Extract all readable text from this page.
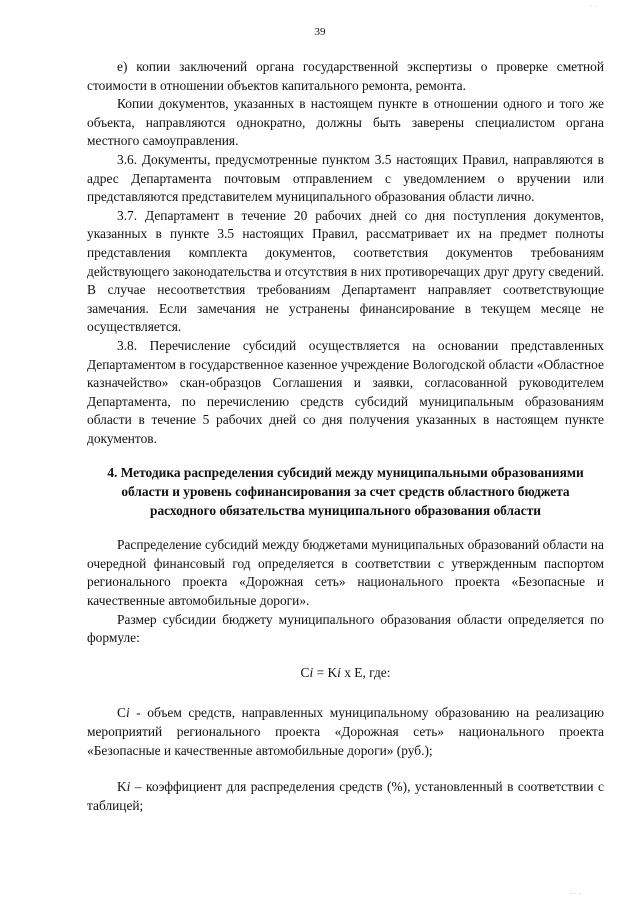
· ·
39

е) копии заключений органа государственной экспертизы о проверке сметной стоимости в отношении объектов капитального ремонта, ремонта.

Копии документов, указанных в настоящем пункте в отношении одного и того же объекта, направляются однократно, должны быть заверены специалистом органа местного самоуправления.

3.6. Документы, предусмотренные пунктом 3.5 настоящих Правил, направляются в адрес Департамента почтовым отправлением с уведомлением о вручении или представляются представителем муниципального образования области лично.

3.7. Департамент в течение 20 рабочих дней со дня поступления документов, указанных в пункте 3.5 настоящих Правил, рассматривает их на предмет полноты представления комплекта документов, соответствия документов требованиям действующего законодательства и отсутствия в них противоречащих друг другу сведений. В случае несоответствия требованиям Департамент направляет соответствующие замечания. Если замечания не устранены финансирование в текущем месяце не осуществляется.

3.8. Перечисление субсидий осуществляется на основании представленных Департаментом в государственное казенное учреждение Вологодской области «Областное казначейство» скан-образцов Соглашения и заявки, согласованной руководителем Департамента, по перечислению средств субсидий муниципальным образованиям области в течение 5 рабочих дней со дня получения указанных в настоящем пункте документов.

4. Методика распределения субсидий между муниципальными образованиями области и уровень софинансирования за счет средств областного бюджета расходного обязательства муниципального образования области

Распределение субсидий между бюджетами муниципальных образований области на очередной финансовый год определяется в соответствии с утвержденным паспортом регионального проекта «Дорожная сеть» национального проекта «Безопасные и качественные автомобильные дороги».

Размер субсидии бюджету муниципального образования области определяется по формуле:

Ci = Ki x E, где:

Ci - объем средств, направленных муниципальному образованию на реализацию мероприятий регионального проекта «Дорожная сеть» национального проекта «Безопасные и качественные автомобильные дороги» (руб.);

Ki – коэффициент для распределения средств (%), установленный в соответствии с таблицей;

·· ·
